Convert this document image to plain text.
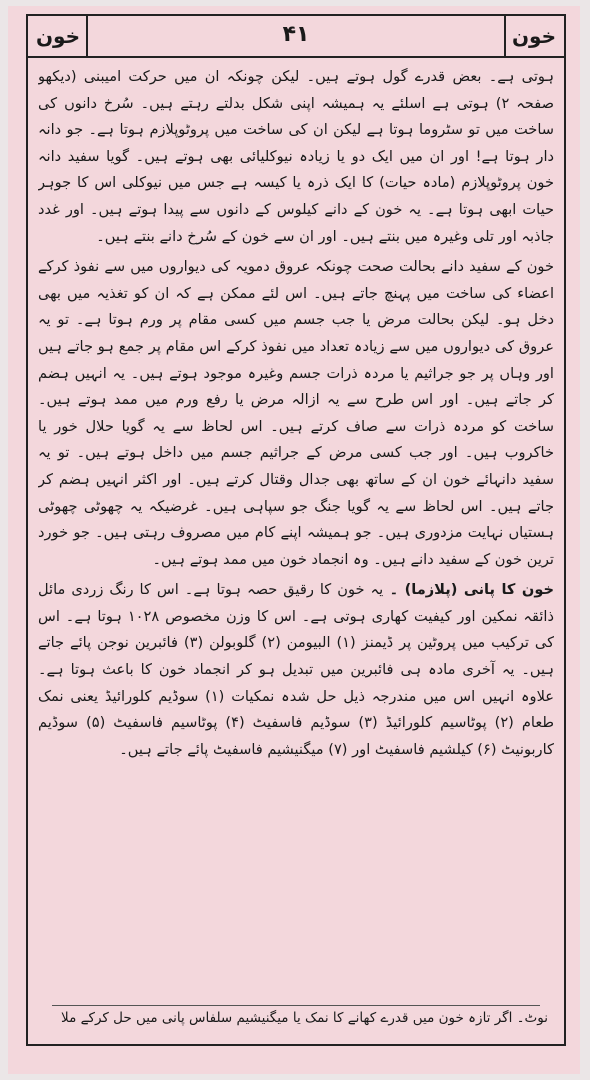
خون	۴۱	خون

ہوتی ہے۔ بعض قدرے گول ہوتے ہیں۔ لیکن چونکہ ان میں حرکت امیبنی (دیکھو صفحہ ۲) ہوتی ہے اسلئے یہ ہمیشہ اپنی شکل بدلتے رہتے ہیں۔ سُرخ دانوں کی ساخت میں تو سٹروما ہوتا ہے لیکن ان کی ساخت میں پروٹوپلازم ہوتا ہے۔ جو دانہ دار ہوتا ہے! اور ان میں ایک دو یا زیادہ نیوکلیائی بھی ہوتے ہیں۔ گویا سفید دانہ خون پروٹوپلازم (مادہ حیات) کا ایک ذرہ یا کیسہ ہے جس میں نیوکلی اس کا جوہر حیات ابھی ہوتا ہے۔ یہ خون کے دانے کیلوس کے دانوں سے پیدا ہوتے ہیں۔ اور غدد جاذبہ اور تلی وغیرہ میں بنتے ہیں۔ اور ان سے خون کے سُرخ دانے بنتے ہیں۔

خون کے سفید دانے بحالت صحت چونکہ عروق دمویہ کی دیواروں میں سے نفوذ کرکے اعضاء کی ساخت میں پہنچ جاتے ہیں۔ اس لئے ممکن ہے کہ ان کو تغذیہ میں بھی دخل ہو۔ لیکن بحالت مرض یا جب جسم میں کسی مقام پر ورم ہوتا ہے۔ تو یہ عروق کی دیواروں میں سے زیادہ تعداد میں نفوذ کرکے اس مقام پر جمع ہو جاتے ہیں اور وہاں پر جو جراثیم یا مردہ ذرات جسم وغیرہ موجود ہوتے ہیں۔ یہ انہیں ہضم کر جاتے ہیں۔ اور اس طرح سے یہ ازالہ مرض یا رفع ورم میں ممد ہوتے ہیں۔ ساخت کو مردہ ذرات سے صاف کرتے ہیں۔ اس لحاظ سے یہ گویا حلال خور یا خاکروب ہیں۔ اور جب کسی مرض کے جراثیم جسم میں داخل ہوتے ہیں۔ تو یہ سفید دانہائے خون ان کے ساتھ بھی جدال وقتال کرتے ہیں۔ اور اکثر انہیں ہضم کر جاتے ہیں۔ اس لحاظ سے یہ گویا جنگ جو سپاہی ہیں۔ غرضیکہ یہ چھوٹی چھوٹی ہستیاں نہایت مزدوری ہیں۔ جو ہمیشہ اپنے کام میں مصروف رہتی ہیں۔ جو خورد ترین خون کے سفید دانے ہیں۔ وہ انجماد خون میں ممد ہوتے ہیں۔

خون کا پانی (پلازما) ۔ یہ خون کا رقیق حصہ ہوتا ہے۔ اس کا رنگ زردی مائل ذائقہ نمکین اور کیفیت کھاری ہوتی ہے۔ اس کا وزن مخصوص ۱۰۲۸ ہوتا ہے۔ اس کی ترکیب میں پروٹین پر ڈیمنز (۱) البیومن (۲) گلوبولن (۳) فائبرین نوجن پائے جاتے ہیں۔ یہ آخری مادہ ہی فائبرین میں تبدیل ہو کر انجماد خون کا باعث ہوتا ہے۔ علاوہ انہیں اس میں مندرجہ ذیل حل شدہ نمکیات (۱) سوڈیم کلورائیڈ یعنی نمک طعام (۲) پوٹاسیم کلورائیڈ (۳) سوڈیم فاسفیٹ (۴) پوٹاسیم فاسفیٹ (۵) سوڈیم کاربونیٹ (۶) کیلشیم فاسفیٹ اور (۷) میگنیشیم فاسفیٹ پائے جاتے ہیں۔

نوٹ۔ اگر تازہ خون میں قدرے کھانے کا نمک یا میگنیشیم سلفاس پانی میں حل کرکے ملا
